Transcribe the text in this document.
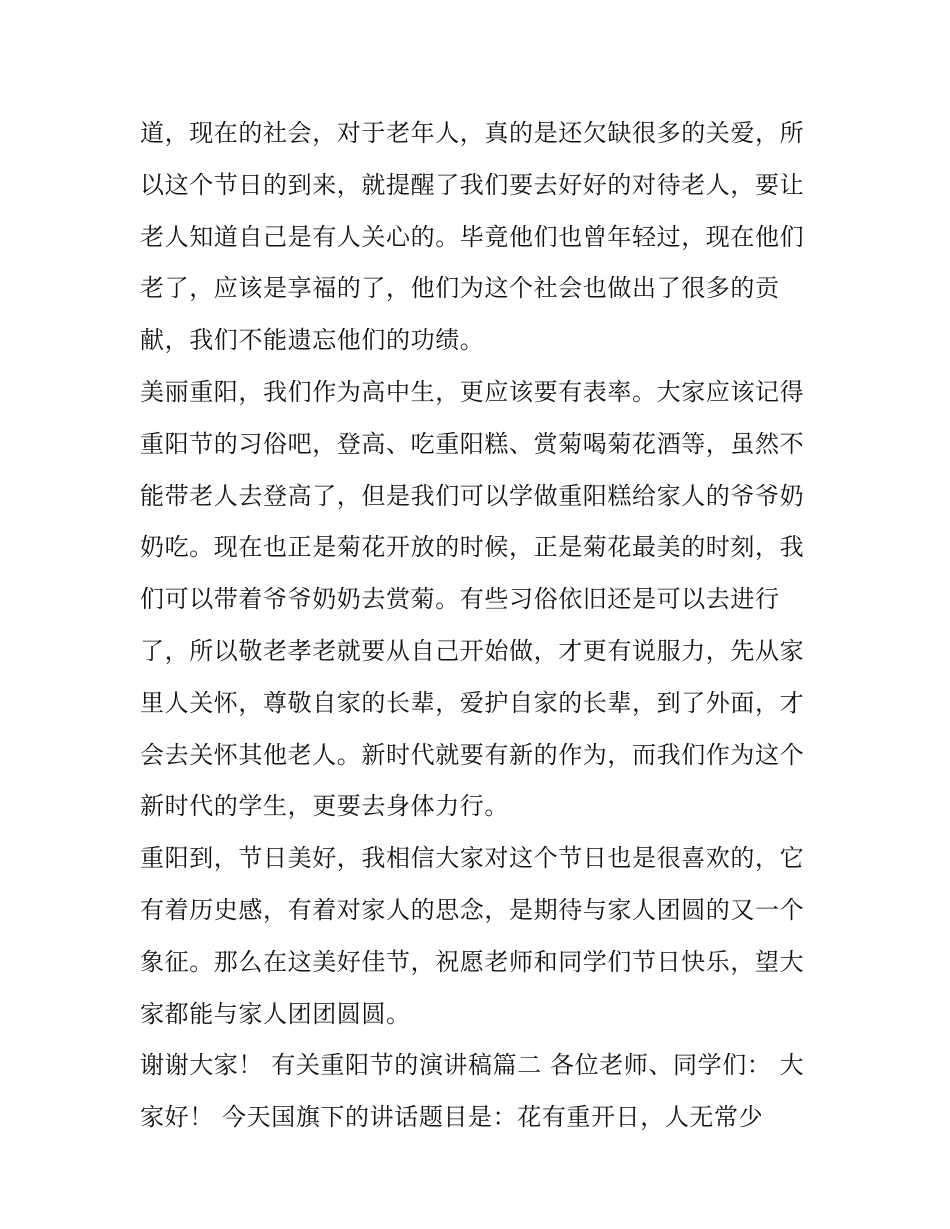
道，现在的社会，对于老年人，真的是还欠缺很多的关爱，所
以这个节日的到来，就提醒了我们要去好好的对待老人，要让
老人知道自己是有人关心的。毕竟他们也曾年轻过，现在他们
老了，应该是享福的了，他们为这个社会也做出了很多的贡
献，我们不能遗忘他们的功绩。
美丽重阳，我们作为高中生，更应该要有表率。大家应该记得
重阳节的习俗吧，登高、吃重阳糕、赏菊喝菊花酒等，虽然不
能带老人去登高了，但是我们可以学做重阳糕给家人的爷爷奶
奶吃。现在也正是菊花开放的时候，正是菊花最美的时刻，我
们可以带着爷爷奶奶去赏菊。有些习俗依旧还是可以去进行
了，所以敬老孝老就要从自己开始做，才更有说服力，先从家
里人关怀，尊敬自家的长辈，爱护自家的长辈，到了外面，才
会去关怀其他老人。新时代就要有新的作为，而我们作为这个
新时代的学生，更要去身体力行。
重阳到，节日美好，我相信大家对这个节日也是很喜欢的，它
有着历史感，有着对家人的思念，是期待与家人团圆的又一个
象征。那么在这美好佳节，祝愿老师和同学们节日快乐，望大
家都能与家人团团圆圆。
谢谢大家！ 有关重阳节的演讲稿篇二 各位老师、同学们： 大
家好！ 今天国旗下的讲话题目是：花有重开日，人无常少
